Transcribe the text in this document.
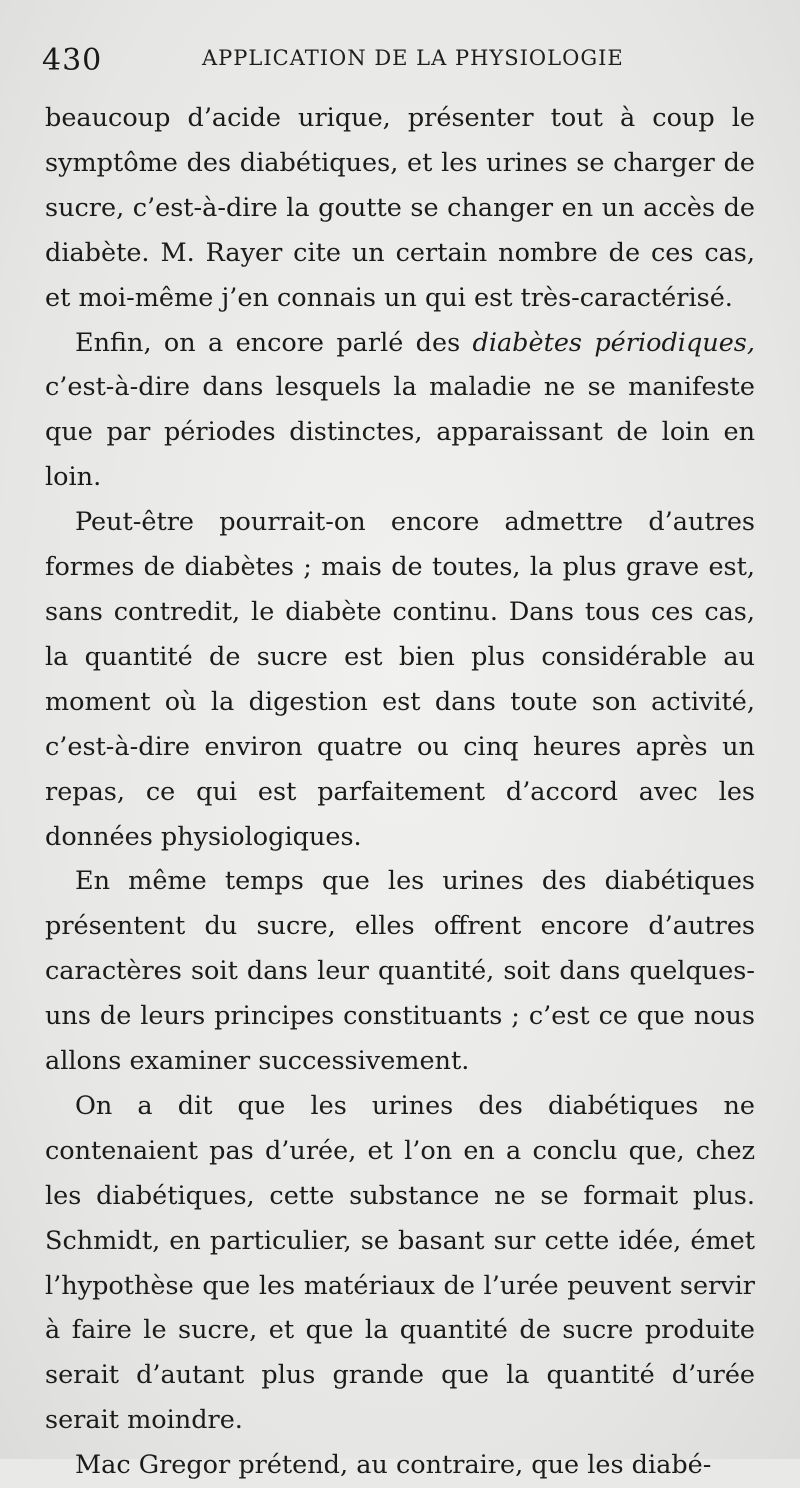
430	APPLICATION DE LA PHYSIOLOGIE

beaucoup d’acide urique, présenter tout à coup le symptôme des diabétiques, et les urines se charger de sucre, c’est-à-dire la goutte se changer en un accès de diabète. M. Rayer cite un certain nombre de ces cas, et moi-même j’en connais un qui est très-caractérisé.

Enfin, on a encore parlé des diabètes périodiques, c’est-à-dire dans lesquels la maladie ne se manifeste que par périodes distinctes, apparaissant de loin en loin.

Peut-être pourrait-on encore admettre d’autres formes de diabètes ; mais de toutes, la plus grave est, sans contredit, le diabète continu. Dans tous ces cas, la quantité de sucre est bien plus considérable au moment où la digestion est dans toute son activité, c’est-à-dire environ quatre ou cinq heures après un repas, ce qui est parfaitement d’accord avec les données physiologiques.

En même temps que les urines des diabétiques présentent du sucre, elles offrent encore d’autres caractères soit dans leur quantité, soit dans quelques-uns de leurs principes constituants ; c’est ce que nous allons examiner successivement.

On a dit que les urines des diabétiques ne contenaient pas d’urée, et l’on en a conclu que, chez les diabétiques, cette substance ne se formait plus. Schmidt, en particulier, se basant sur cette idée, émet l’hypothèse que les matériaux de l’urée peuvent servir à faire le sucre, et que la quantité de sucre produite serait d’autant plus grande que la quantité d’urée serait moindre.

Mac Gregor prétend, au contraire, que les diabé-
